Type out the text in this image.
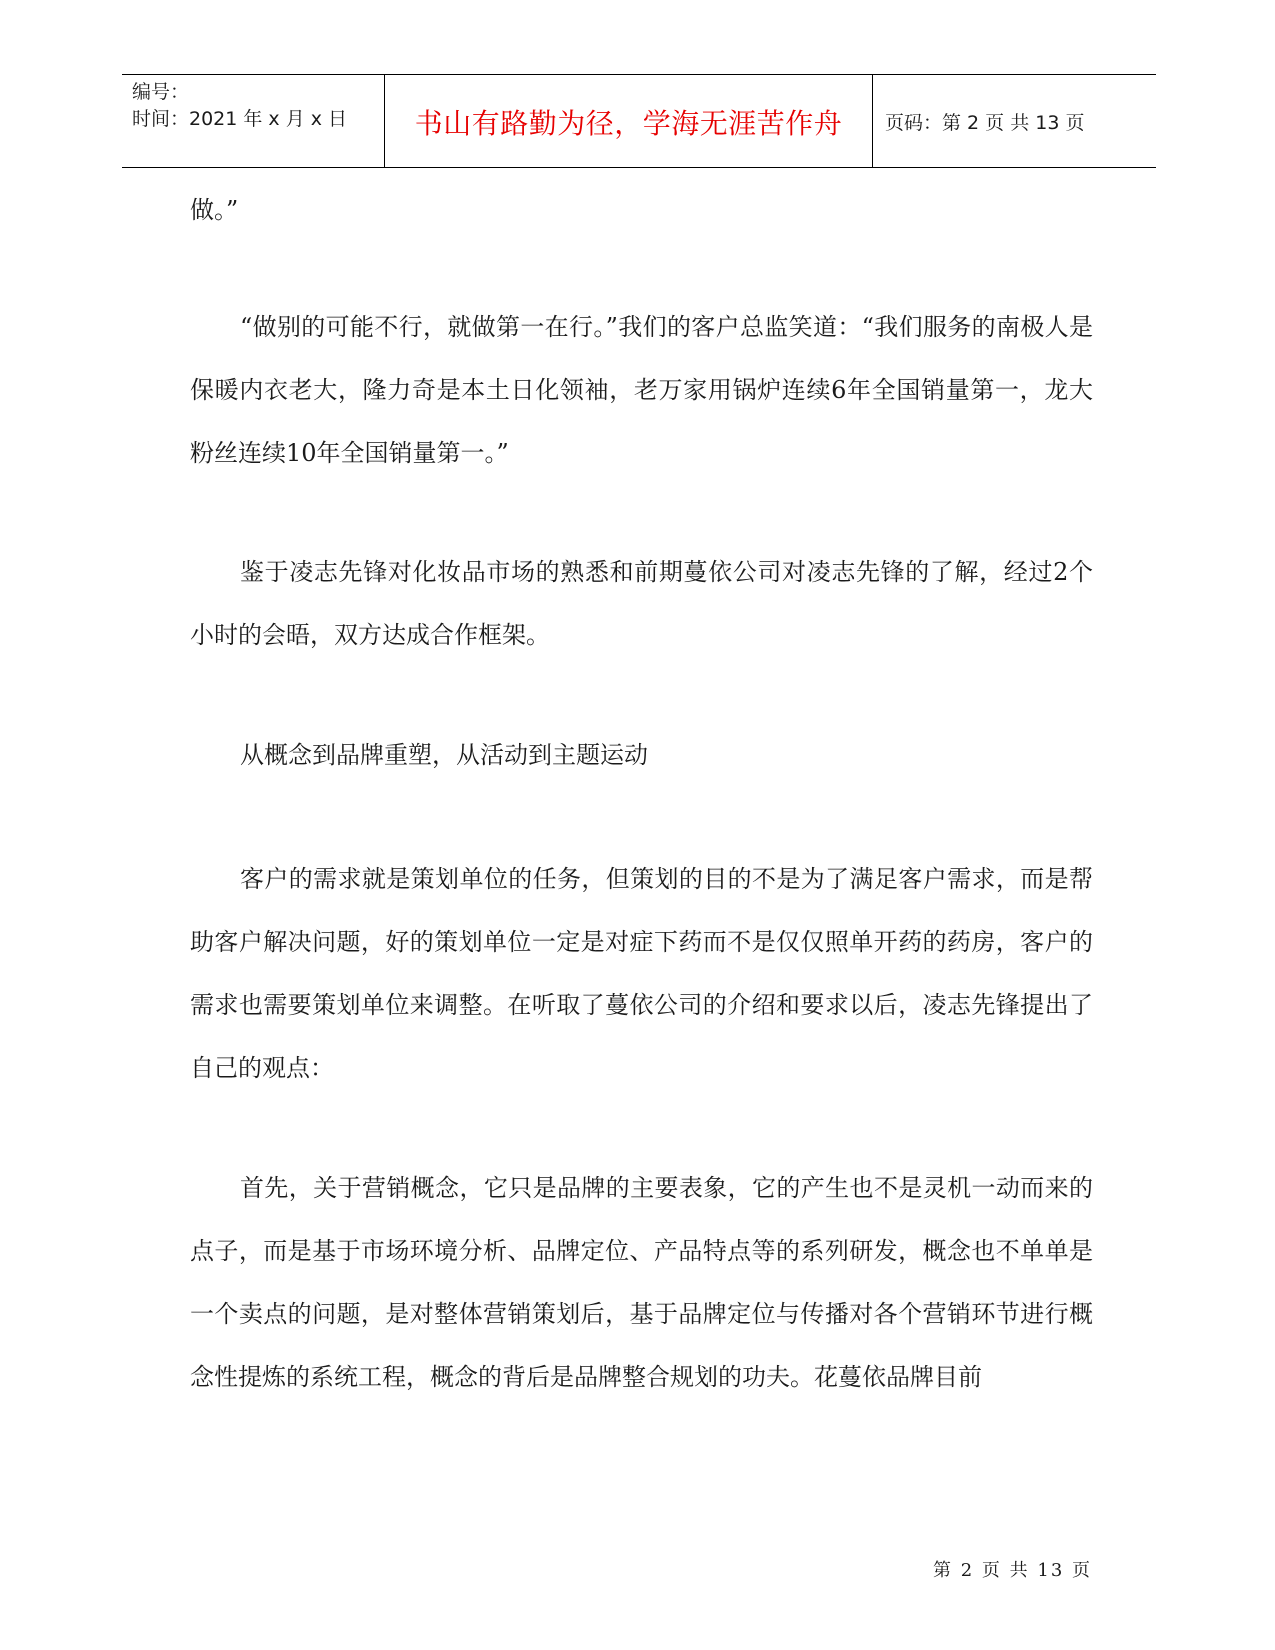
编号：
时间：2021 年 x 月 x 日	书山有路勤为径，学海无涯苦作舟	页码：第 2 页 共 13 页

做。”

“做别的可能不行，就做第一在行。”我们的客户总监笑道：“我们服务的南极人是保暖内衣老大，隆力奇是本土日化领袖，老万家用锅炉连续6年全国销量第一，龙大粉丝连续10年全国销量第一。”

鉴于凌志先锋对化妆品市场的熟悉和前期蔓依公司对凌志先锋的了解，经过2个小时的会晤，双方达成合作框架。

从概念到品牌重塑，从活动到主题运动

客户的需求就是策划单位的任务，但策划的目的不是为了满足客户需求，而是帮助客户解决问题，好的策划单位一定是对症下药而不是仅仅照单开药的药房，客户的需求也需要策划单位来调整。在听取了蔓依公司的介绍和要求以后，凌志先锋提出了自己的观点：

首先，关于营销概念，它只是品牌的主要表象，它的产生也不是灵机一动而来的点子，而是基于市场环境分析、品牌定位、产品特点等的系列研发，概念也不单单是一个卖点的问题，是对整体营销策划后，基于品牌定位与传播对各个营销环节进行概念性提炼的系统工程，概念的背后是品牌整合规划的功夫。花蔓依品牌目前

第 2 页 共 13 页
